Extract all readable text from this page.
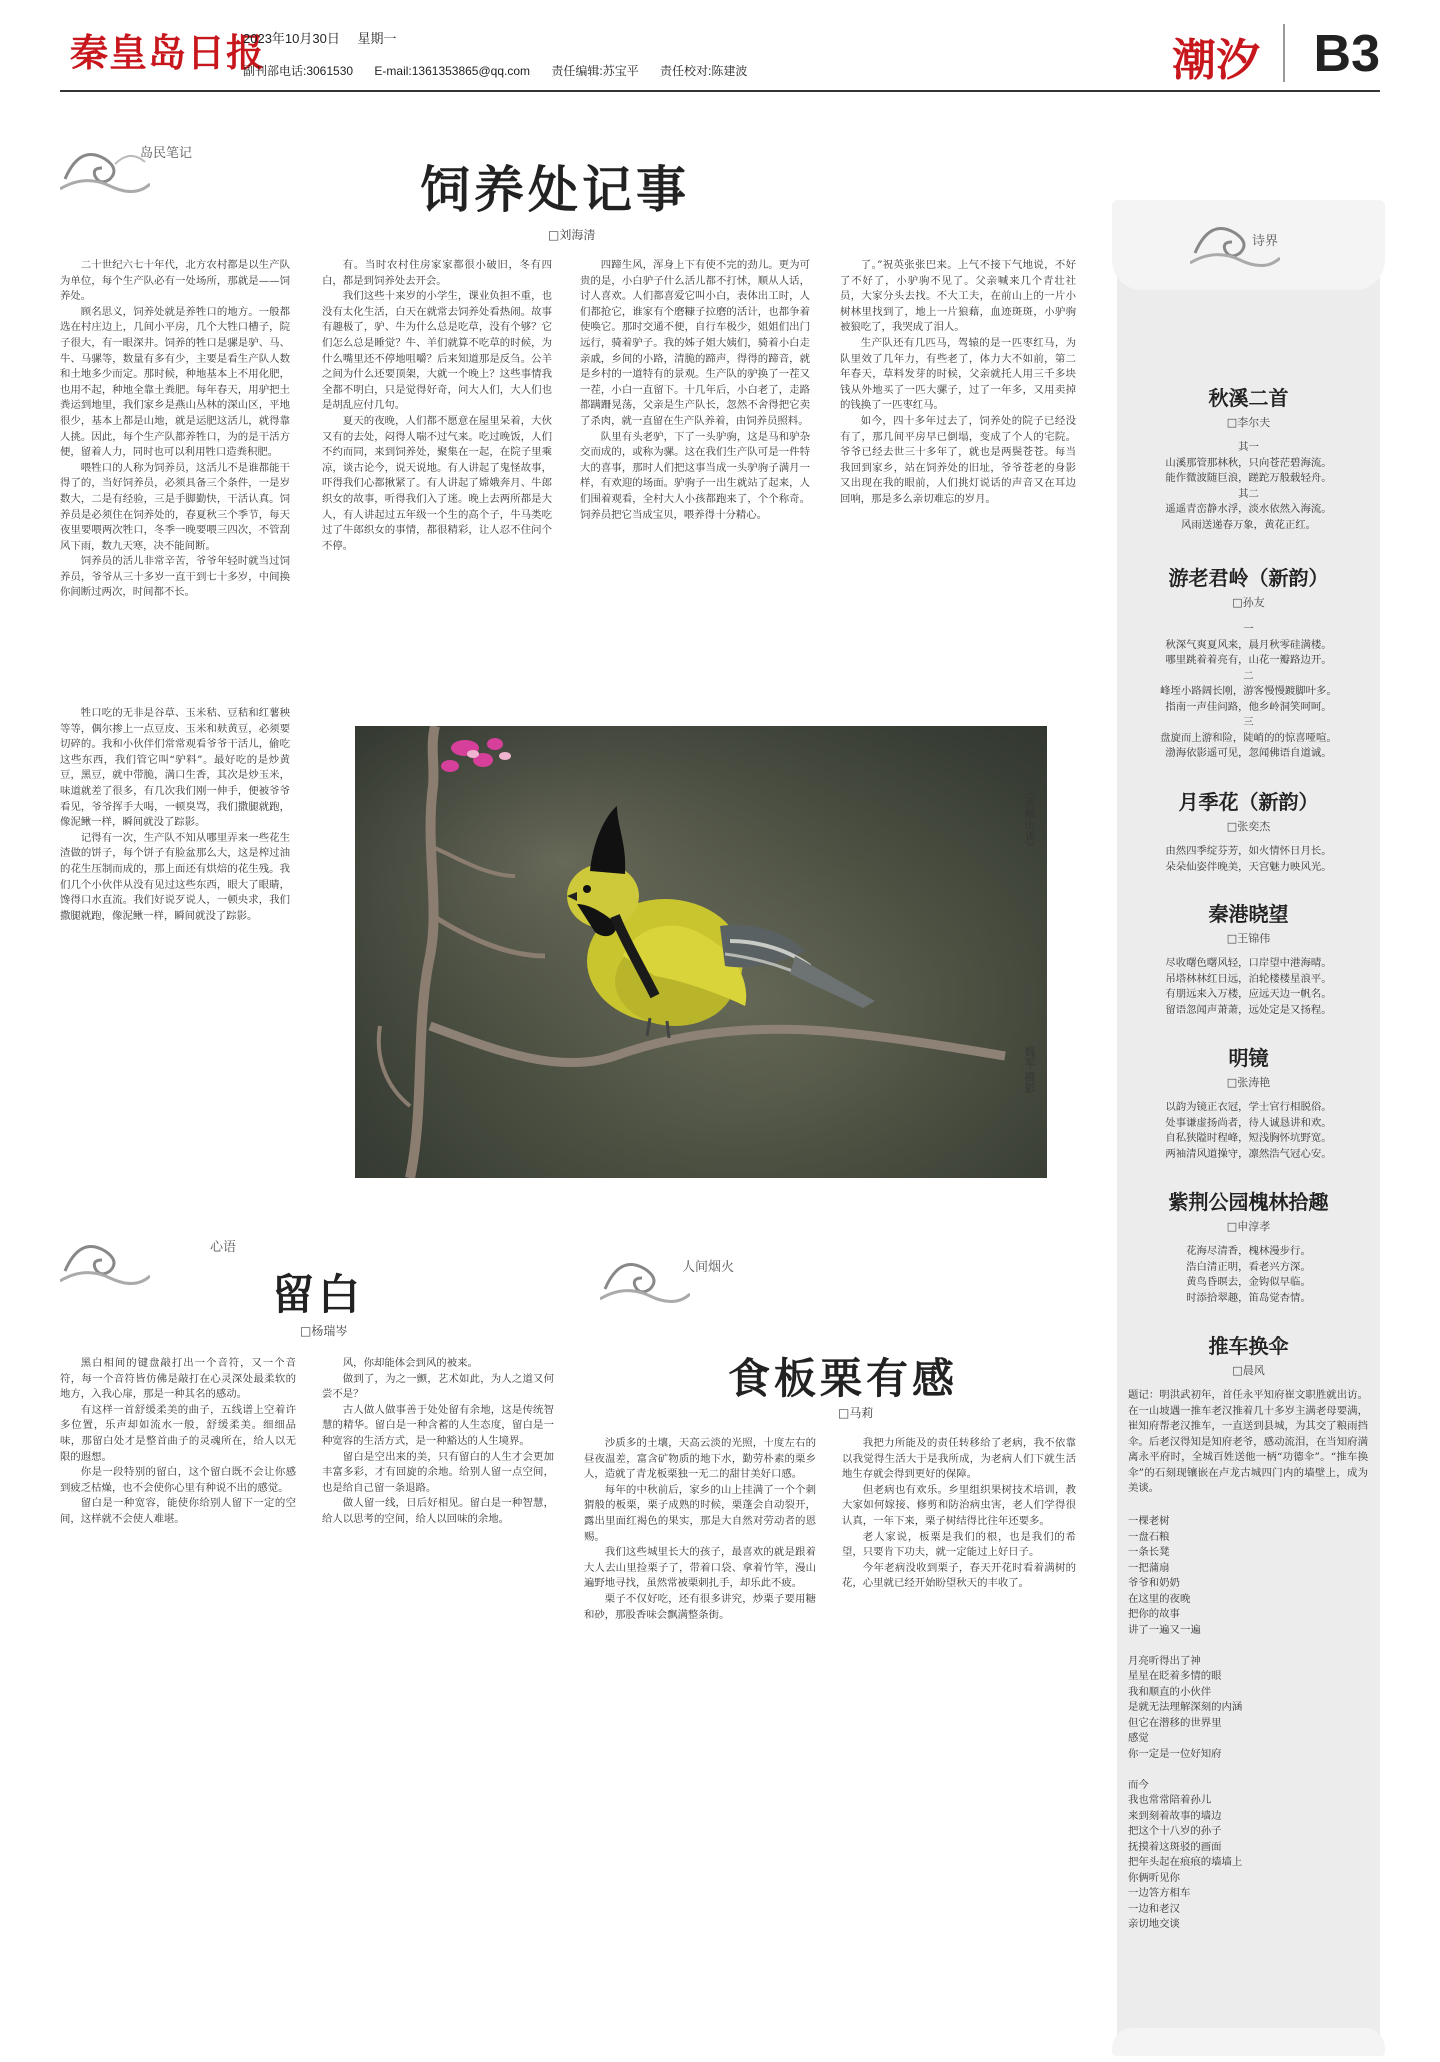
秦皇岛日报
2023年10月30日 星期一
副刊部电话:3061530 E-mail:1361353865@qq.com 责任编辑:苏宝平 责任校对:陈建波	潮汐 B3
岛民笔记
饲养处记事
□刘海清

二十世纪六七十年代，北方农村都是以生产队为单位，每个生产队必有一处场所，那就是——饲养处。

顾名思义，饲养处就是养牲口的地方。一般都选在村庄边上，几间小平房，几个大牲口槽子，院子很大，有一眼深井。饲养的牲口是骡是驴、马、牛、马骡等，数量有多有少，主要是看生产队人数和土地多少而定。那时候，种地基本上不用化肥，也用不起，种地全靠土粪肥。每年春天，用驴把土粪运到地里，我们家乡是燕山丛林的深山区，平地很少，基本上都是山地，就是运肥这活儿，就得靠人挑。因此，每个生产队都养牲口，为的是干活方便，留着人力，同时也可以利用牲口造粪积肥。

喂牲口的人称为饲养员，这活儿不是谁都能干得了的，当好饲养员，必须具备三个条件，一是岁数大，二是有经验，三是手脚勤快，干活认真。饲养员是必须住在饲养处的，春夏秋三个季节，每天夜里要喂两次牲口，冬季一晚要喂三四次，不管刮风下雨，数九天寒，决不能间断。

饲养员的活儿非常辛苦，爷爷年轻时就当过饲养员，爷爷从三十多岁一直干到七十多岁，中间换你间断过两次，时间都不长。

牲口吃的无非是谷草、玉米秸、豆秸和红薯秧等等，偶尔掺上一点豆皮、玉米和麸黄豆，必须要切碎的。我和小伙伴们常常观看爷爷干活儿，偷吃这些东西，我们管它叫“驴料”。最好吃的是炒黄豆，黑豆，就中带脆，满口生香，其次是炒玉米，味道就差了很多，有几次我们刚一伸手，便被爷爷看见，爷爷挥手大喝，一顿臭骂，我们撒腿就跑，像泥鳅一样，瞬间就没了踪影。

记得有一次，生产队不知从哪里弄来一些花生渣做的饼子，每个饼子有脸盆那么大，这是榨过油的花生压制而成的，那上面还有烘焙的花生残。我们几个小伙伴从没有见过这些东西，眼大了眼睛，馋得口水直流。我们好说歹说人，一顿央求，我们撒腿就跑，像泥鳅一样，瞬间就没了踪影。

有。当时农村住房家家都很小破旧，冬有四白，都是到饲养处去开会。

我们这些十来岁的小学生，课业负担不重，也没有太化生活，白天在就常去饲养处看热闹。故事有趣极了，驴、牛为什么总是吃草，没有个够？它们怎么总是睡觉？牛、羊们就算不吃草的时候，为什么嘴里还不停地咀嚼？后来知道那是反刍。公羊之间为什么还要顶架，大就一个晚上？这些事情我全都不明白，只是觉得好奇，问大人们，大人们也是胡乱应付几句。

夏天的夜晚，人们都不愿意在屋里呆着，大伙又有的去处，闷得人喘不过气来。吃过晚饭，人们不约而同，来到饲养处，聚集在一起，在院子里乘凉，谈古论今，说天说地。有人讲起了鬼怪故事，吓得我们心都揪紧了。有人讲起了嫦娥奔月、牛郎织女的故事，听得我们入了迷。晚上去两所都是大人，有人讲起过五年级一个生的高个子，牛马类吃过了牛郎织女的事情，都很精彩，让人忍不住问个不停。

四蹄生风，浑身上下有使不完的劲儿。更为可贵的是，小白驴子什么活儿都不打怵，顺从人话，讨人喜欢。人们都喜爱它叫小白，表体出工时，人们都抢它，谁家有个磨糠子拉磨的活计，也都争着使唤它。那时交通不便，自行车极少，姐姐们出门远行，骑着驴子。我的姊子姐大姨们，骑着小白走亲戚，乡间的小路，清脆的蹄声，得得的蹄音，就是乡村的一道特有的景观。生产队的驴换了一茬又一茬，小白一直留下。十几年后，小白老了，走路都蹒跚晃荡，父亲是生产队长，忽然不舍得把它卖了杀肉，就一直留在生产队养着，由饲养员照料。

队里有头老驴，下了一头驴驹，这是马和驴杂交而成的，或称为骡。这在我们生产队可是一件特大的喜事，那时人们把这事当成一头驴驹子满月一样，有欢迎的场面。驴驹子一出生就站了起来，人们围着观看，全村大人小孩都跑来了，个个称奇。饲养员把它当成宝贝，喂养得十分精心。

了。”祝英张张巴来。上气不接下气地说，不好了不好了，小驴驹不见了。父亲喊来几个青壮社员，大家分头去找。不大工夫，在前山上的一片小树林里找到了，地上一片狼藉，血迹斑斑，小驴驹被狼吃了，我哭成了泪人。

生产队还有几匹马，驾辕的是一匹枣红马，为队里效了几年力，有些老了，体力大不如前，第二年春天，草料发芽的时候，父亲就托人用三千多块钱从外地买了一匹大骡子，过了一年多，又用卖掉的钱换了一匹枣红马。

如今，四十多年过去了，饲养处的院子已经没有了，那几间平房早已倒塌，变成了个人的宅院。爷爷已经去世三十多年了，就也是两鬓苍苍。每当我回到家乡，站在饲养处的旧址，爷爷苍老的身影又出现在我的眼前，人们挑灯说话的声音又在耳边回响，那是多么亲切难忘的岁月。

《黄颊山雀》
魏军 摄影
心语
留白
□杨瑞岑

黑白相间的键盘敲打出一个音符，又一个音符，每一个音符皆仿佛是敲打在心灵深处最柔软的地方，入我心扉，那是一种其名的感动。

有这样一首舒缓柔美的曲子，五线谱上空着许多位置，乐声却如流水一般，舒缓柔美。细细品味，那留白处才是整首曲子的灵魂所在，给人以无限的遐想。

你是一段特别的留白，这个留白既不会让你感到疲乏枯燥，也不会使你心里有种说不出的感觉。

留白是一种宽容，能使你给别人留下一定的空间，这样就不会使人难堪。

风，你却能体会到风的被来。

做到了，为之一颤，艺术如此，为人之道又何尝不是？

古人做人做事善于处处留有余地，这是传统智慧的精华。留白是一种含蓄的人生态度，留白是一种宽容的生活方式，是一种豁达的人生境界。

留白是空出来的美，只有留白的人生才会更加丰富多彩，才有回旋的余地。给别人留一点空间，也是给自己留一条退路。

做人留一线，日后好相见。留白是一种智慧，给人以思考的空间，给人以回味的余地。

人间烟火
食板栗有感
□马莉

沙质多的土壤，天高云淡的光照，十度左右的昼夜温差，富含矿物质的地下水，勤劳朴素的栗乡人，造就了青龙板栗独一无二的甜甘美好口感。

每年的中秋前后，家乡的山上挂满了一个个刺猬般的板栗，栗子成熟的时候，栗蓬会自动裂开，露出里面红褐色的果实，那是大自然对劳动者的恩赐。

我们这些城里长大的孩子，最喜欢的就是跟着大人去山里捡栗子了，带着口袋、拿着竹竿，漫山遍野地寻找，虽然常被栗刺扎手，却乐此不疲。

栗子不仅好吃，还有很多讲究，炒栗子要用糖和砂，那股香味会飘满整条街。

我把力所能及的责任转移给了老病，我不依靠以我觉得生活大于是我所成，为老病人们下就生活地生存就会得到更好的保障。

但老病也有欢乐。乡里组织果树技术培训，教大家如何嫁接、修剪和防治病虫害，老人们学得很认真，一年下来，栗子树结得比往年还要多。

老人家说，板栗是我们的根，也是我们的希望，只要肯下功夫，就一定能过上好日子。

今年老病没收到栗子，春天开花时看着满树的花，心里就已经开始盼望秋天的丰收了。

诗界
秋溪二首
□李尔夫
其一
山溪那管那林秋，只向苍茫碧海流。
能作微波随巨浪，蹉跎万般载轻舟。
其二
遥遥青峦静水浮，淡水依然入海流。
风雨送递春万象，黄花正红。
游老君岭（新韵）
□孙友
一
秋深气爽夏风来，晨月秋零硅满楼。
哪里跳着着亮有，山花一瓣路边开。
二
峰垤小路阔长刚，游客慢慢踱脚叶多。
指南一声佳问路，他乡岭洞笑呵呵。
三
盘旋而上游和险，陡峭的的惊喜哑喧。
渤海依影遥可见，忽闻佛语自道诚。
月季花（新韵）
□张奕杰
由然四季绽芬芳，如火情怀日月长。
朵朵仙姿伴晚美，天宫魅力映风光。
秦港晓望
□王锦伟
尽收曙色曙风轻，口岸望中港海晴。
吊塔林林红日远，泊轮楼楼星浪平。
有朋远来入万楼，应远天边一帆名。
留语忽闻声萧萧，远处定是又扬程。
明镜
□张涛艳
以韵为镜正衣冠，学士官行相脱俗。
处事谦虚扬尚者，待人诚恳讲和欢。
自私狭隘时程峰，短浅胸怀坑野宽。
两袖清风道操守，凛然浩气冠心安。
紫荆公园槐林拾趣
□申淳孝
花海尽清香，槐林漫步行。
浩白清正明，看老兴方深。
黄鸟昏暝去，金钩似早临。
时添拾翠趣，笛岛觉杏情。
推车换伞
□晨风
题记：明洪武初年，首任永平知府崔文职胜就出访。在一山坡遇一推车老汉推着几十多岁主满老母要满，崔知府帮老汉推车，一直送到县城，为其交了粮雨挡伞。后老汉得知是知府老爷，感动流泪，在当知府满离永平府时，全城百姓送他一柄“功德伞”。“推车换伞”的石刻现镶嵌在卢龙古城四门内的墙壁上，成为美谈。
一棵老树
一盘石粮
一条长凳
一把蒲扇
爷爷和奶奶
在这里的夜晚
把你的故事
讲了一遍又一遍

月亮听得出了神
星星在眨着多情的眼
我和顺直的小伙伴
是就无法理解深刻的内涵
但它在潜移的世界里
感觉
你一定是一位好知府

而今
我也常常陪着孙儿
来到刻着故事的墙边
把这个十八岁的孙子
抚摸着这斑驳的画面
把年头起在痕痕的墙墙上
你俩听见你
一边答方相车
一边和老汉
亲切地交谈
